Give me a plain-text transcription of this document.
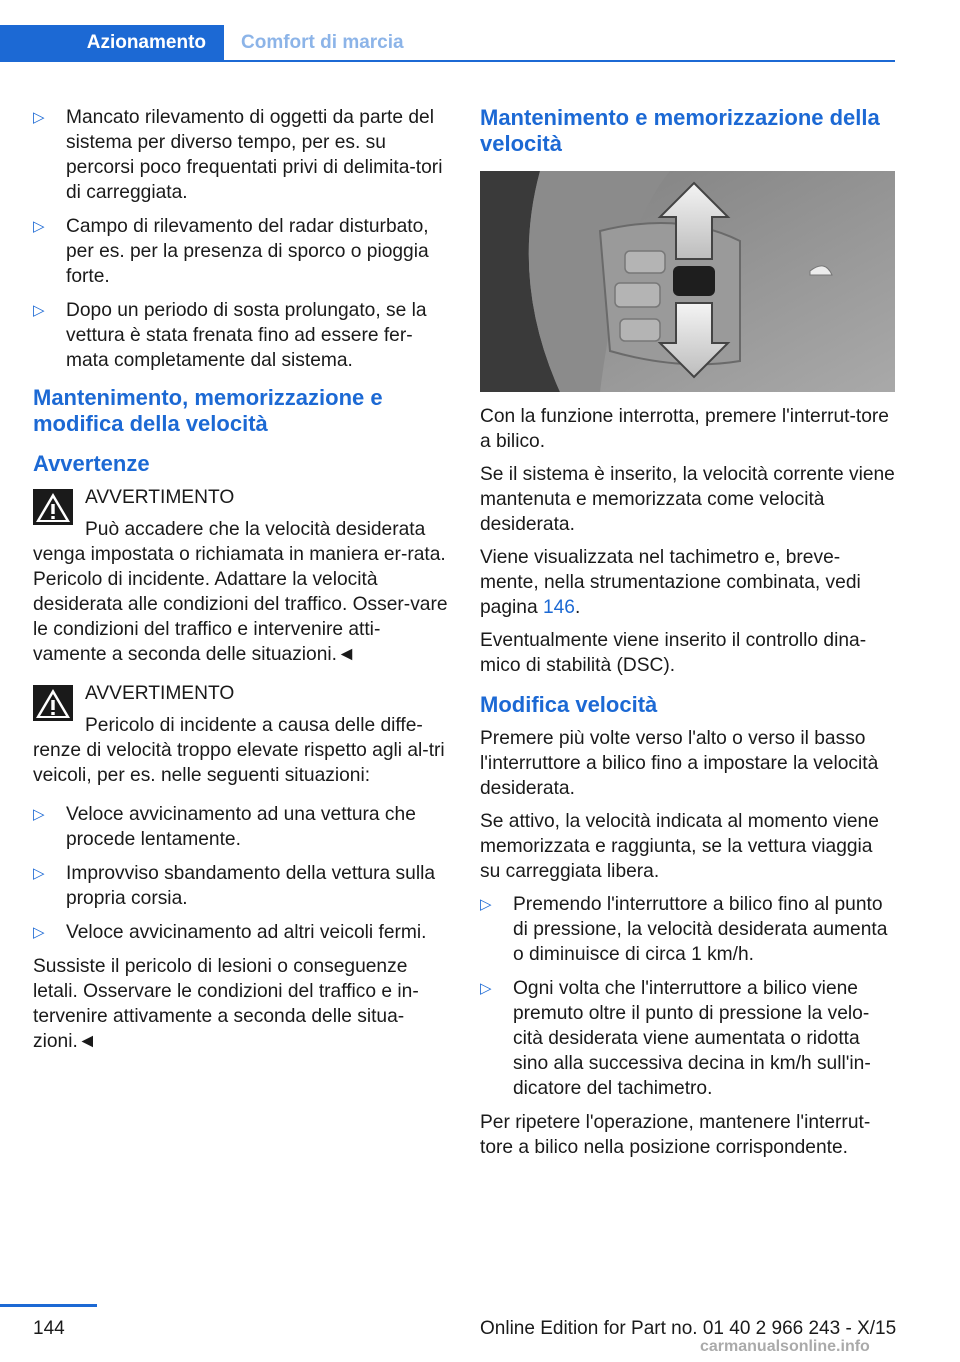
Azionamento	Comfort di marcia
▷ Mancato rilevamento di oggetti da parte del sistema per diverso tempo, per es. su percorsi poco frequentati privi di delimita-tori di carreggiata.
▷ Campo di rilevamento del radar disturbato, per es. per la presenza di sporco o pioggia forte.
▷ Dopo un periodo di sosta prolungato, se la vettura è stata frenata fino ad essere fer-mata completamente dal sistema.
Mantenimento, memorizzazione e modifica della velocità
Avvertenze

AVVERTIMENTO

Può accadere che la velocità desiderata venga impostata o richiamata in maniera er-rata. Pericolo di incidente. Adattare la velocità desiderata alle condizioni del traffico. Osser-vare le condizioni del traffico e intervenire atti-vamente a seconda delle situazioni.◄

AVVERTIMENTO

Pericolo di incidente a causa delle diffe-renze di velocità troppo elevate rispetto agli al-tri veicoli, per es. nelle seguenti situazioni:

▷ Veloce avvicinamento ad una vettura che procede lentamente.
▷ Improvviso sbandamento della vettura sulla propria corsia.
▷ Veloce avvicinamento ad altri veicoli fermi.

Sussiste il pericolo di lesioni o conseguenze letali. Osservare le condizioni del traffico e in-tervenire attivamente a seconda delle situa-zioni.◄

Mantenimento e memorizzazione della velocità

Con la funzione interrotta, premere l'interrut-tore a bilico.

Se il sistema è inserito, la velocità corrente viene mantenuta e memorizzata come velocità desiderata.

Viene visualizzata nel tachimetro e, breve-mente, nella strumentazione combinata, vedi pagina 146.

Eventualmente viene inserito il controllo dina-mico di stabilità (DSC).

Modifica velocità

Premere più volte verso l'alto o verso il basso l'interruttore a bilico fino a impostare la velocità desiderata.

Se attivo, la velocità indicata al momento viene memorizzata e raggiunta, se la vettura viaggia su carreggiata libera.

▷ Premendo l'interruttore a bilico fino al punto di pressione, la velocità desiderata aumenta o diminuisce di circa 1 km/h.
▷ Ogni volta che l'interruttore a bilico viene premuto oltre il punto di pressione la velo-cità desiderata viene aumentata o ridotta sino alla successiva decina in km/h sull'in-dicatore del tachimetro.

Per ripetere l'operazione, mantenere l'interrut-tore a bilico nella posizione corrispondente.

144	Online Edition for Part no. 01 40 2 966 243 - X/15
carmanualsonline.info
